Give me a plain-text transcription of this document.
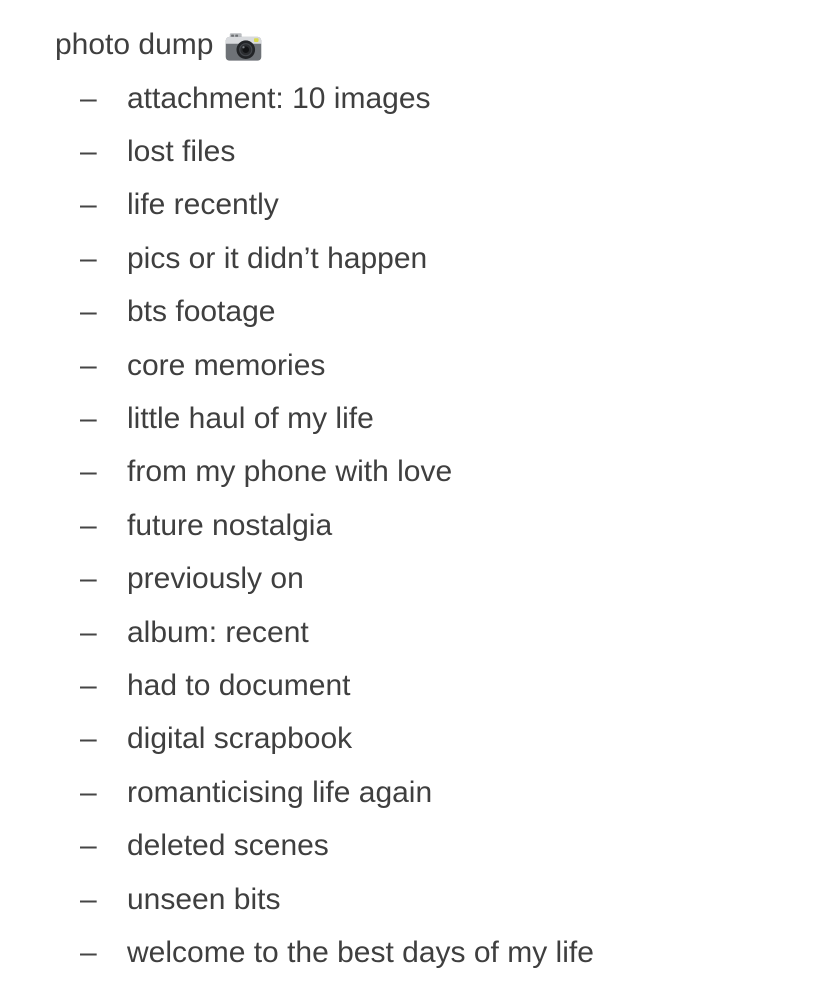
photo dump
–	attachment: 10 images
–	lost files
–	life recently
–	pics or it didn’t happen
–	bts footage
–	core memories
–	little haul of my life
–	from my phone with love
–	future nostalgia
–	previously on
–	album: recent
–	had to document
–	digital scrapbook
–	romanticising life again
–	deleted scenes
–	unseen bits
–	welcome to the best days of my life
